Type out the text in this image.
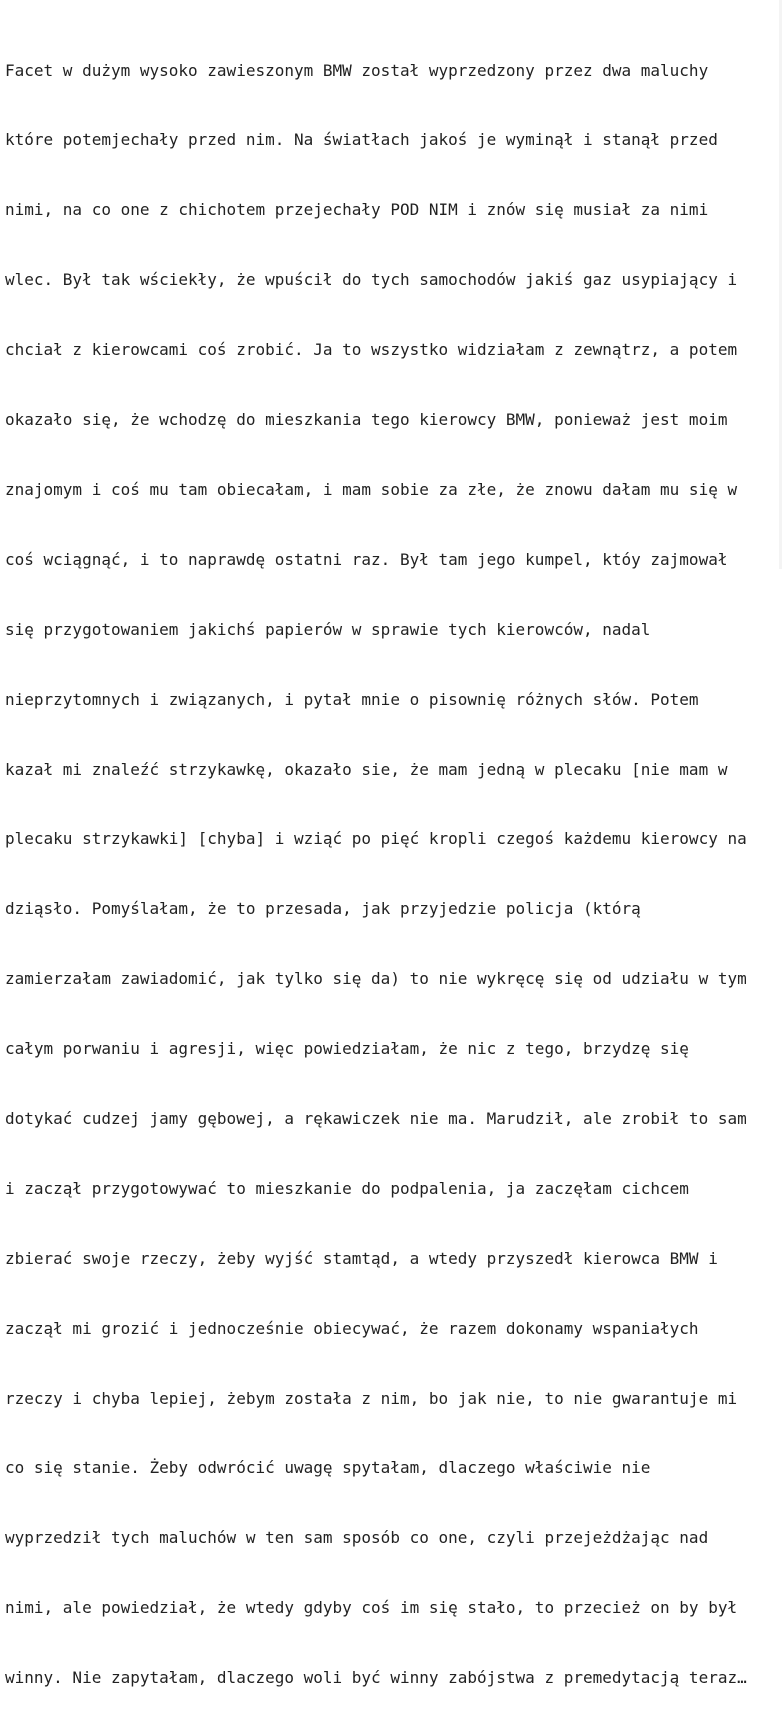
Facet w dużym wysoko zawieszonym BMW został wyprzedzony przez dwa maluchy

które potemjechały przed nim. Na światłach jakoś je wyminął i stanął przed

nimi, na co one z chichotem przejechały POD NIM i znów się musiał za nimi

wlec. Był tak wściekły, że wpuścił do tych samochodów jakiś gaz usypiający i

chciał z kierowcami coś zrobić. Ja to wszystko widziałam z zewnątrz, a potem

okazało się, że wchodzę do mieszkania tego kierowcy BMW, ponieważ jest moim

znajomym i coś mu tam obiecałam, i mam sobie za złe, że znowu dałam mu się w

coś wciągnąć, i to naprawdę ostatni raz. Był tam jego kumpel, któy zajmował

się przygotowaniem jakichś papierów w sprawie tych kierowców, nadal

nieprzytomnych i związanych, i pytał mnie o pisownię różnych słów. Potem

kazał mi znaleźć strzykawkę, okazało sie, że mam jedną w plecaku [nie mam w

plecaku strzykawki] [chyba] i wziąć po pięć kropli czegoś każdemu kierowcy na

dziąsło. Pomyślałam, że to przesada, jak przyjedzie policja (którą

zamierzałam zawiadomić, jak tylko się da) to nie wykręcę się od udziału w tym

całym porwaniu i agresji, więc powiedziałam, że nic z tego, brzydzę się

dotykać cudzej jamy gębowej, a rękawiczek nie ma. Marudził, ale zrobił to sam

i zaczął przygotowywać to mieszkanie do podpalenia, ja zaczęłam cichcem

zbierać swoje rzeczy, żeby wyjść stamtąd, a wtedy przyszedł kierowca BMW i

zaczął mi grozić i jednocześnie obiecywać, że razem dokonamy wspaniałych

rzeczy i chyba lepiej, żebym została z nim, bo jak nie, to nie gwarantuje mi

co się stanie. Żeby odwrócić uwagę spytałam, dlaczego właściwie nie

wyprzedził tych maluchów w ten sam sposób co one, czyli przejeżdżając nad

nimi, ale powiedział, że wtedy gdyby coś im się stało, to przecież on by był

winny. Nie zapytałam, dlaczego woli być winny zabójstwa z premedytacją teraz…
